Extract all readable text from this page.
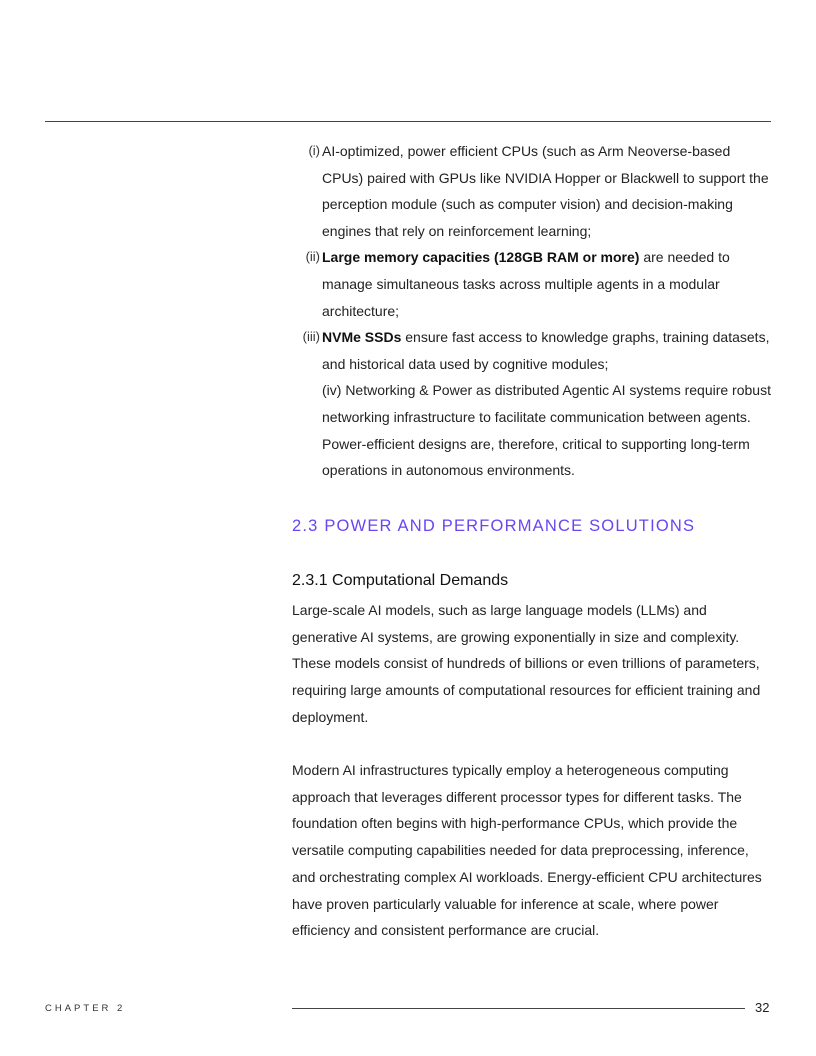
(i) AI-optimized, power efficient CPUs (such as Arm Neoverse-based CPUs) paired with GPUs like NVIDIA Hopper or Blackwell to support the perception module (such as computer vision) and decision-making engines that rely on reinforcement learning;
(ii) Large memory capacities (128GB RAM or more) are needed to manage simultaneous tasks across multiple agents in a modular architecture;
(iii) NVMe SSDs ensure fast access to knowledge graphs, training datasets, and historical data used by cognitive modules;
(iv) Networking & Power as distributed Agentic AI systems require robust networking infrastructure to facilitate communication between agents. Power-efficient designs are, therefore, critical to supporting long-term operations in autonomous environments.
2.3 POWER AND PERFORMANCE SOLUTIONS
2.3.1 Computational Demands

Large-scale AI models, such as large language models (LLMs) and generative AI systems, are growing exponentially in size and complexity. These models consist of hundreds of billions or even trillions of parameters, requiring large amounts of computational resources for efficient training and deployment.

Modern AI infrastructures typically employ a heterogeneous computing approach that leverages different processor types for different tasks. The foundation often begins with high-performance CPUs, which provide the versatile computing capabilities needed for data preprocessing, inference, and orchestrating complex AI workloads. Energy-efficient CPU architectures have proven particularly valuable for inference at scale, where power efficiency and consistent performance are crucial.

CHAPTER 2	32
